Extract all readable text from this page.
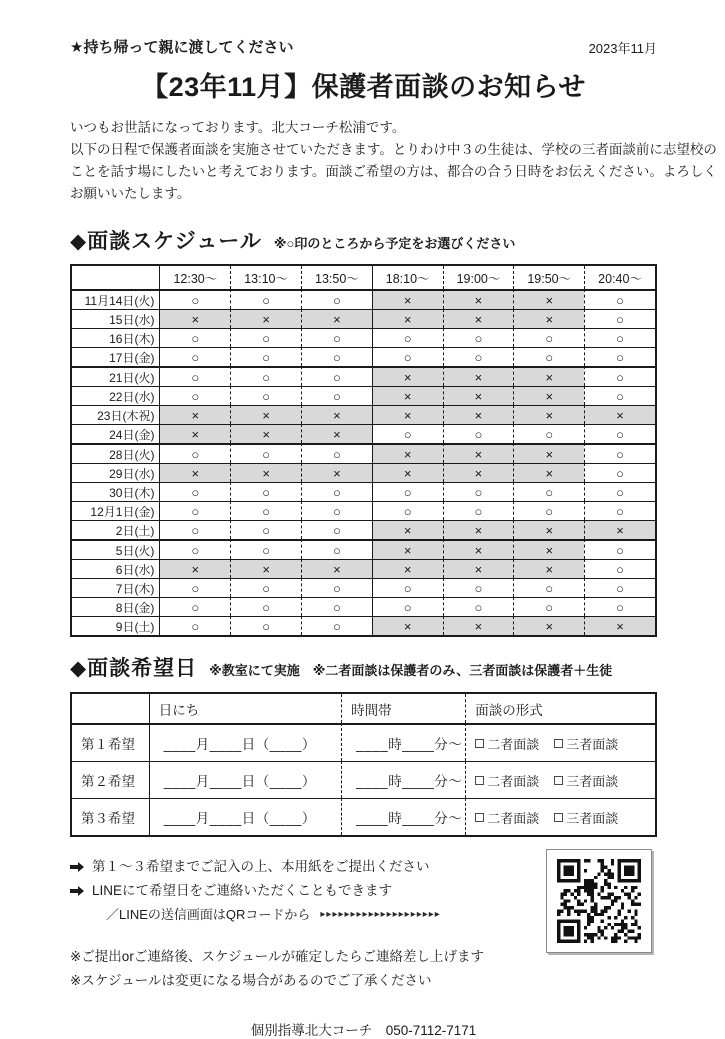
★持ち帰って親に渡してください	2023年11月
【23年11月】保護者面談のお知らせ
いつもお世話になっております。北大コーチ松浦です。
以下の日程で保護者面談を実施させていただきます。とりわけ中３の生徒は、学校の三者面談前に志望校の
ことを話す場にしたいと考えております。面談ご希望の方は、都合の合う日時をお伝えください。よろしく
お願いいたします。
◆面談スケジュール ※○印のところから予定をお選びください
	12:30～	13:10～	13:50～	18:10～	19:00～	19:50～	20:40～
11月14日(火)	○	○	○	×	×	×	○
15日(水)	×	×	×	×	×	×	○
16日(木)	○	○	○	○	○	○	○
17日(金)	○	○	○	○	○	○	○
21日(火)	○	○	○	×	×	×	○
22日(水)	○	○	○	×	×	×	○
23日(木祝)	×	×	×	×	×	×	×
24日(金)	×	×	×	○	○	○	○
28日(火)	○	○	○	×	×	×	○
29日(水)	×	×	×	×	×	×	○
30日(木)	○	○	○	○	○	○	○
12月1日(金)	○	○	○	○	○	○	○
2日(土)	○	○	○	×	×	×	×
5日(火)	○	○	○	×	×	×	○
6日(水)	×	×	×	×	×	×	○
7日(木)	○	○	○	○	○	○	○
8日(金)	○	○	○	○	○	○	○
9日(土)	○	○	○	×	×	×	×
◆面談希望日 ※教室にて実施　※二者面談は保護者のみ、三者面談は保護者＋生徒
	日にち	時間帯	面談の形式
第１希望	____月____日（____）	____時____分～	二者面談 三者面談

第２希望	____月____日（____）	____時____分～	二者面談 三者面談

第３希望	____月____日（____）	____時____分～	二者面談 三者面談
第１～３希望までご記入の上、本用紙をご提出ください
LINEにて希望日をご連絡いただくこともできます
／LINEの送信画面はQRコードから ▸▸▸▸▸▸▸▸▸▸▸▸▸▸▸▸▸▸▸▸
※ご提出orご連絡後、スケジュールが確定したらご連絡差し上げます
※スケジュールは変更になる場合があるのでご了承ください
個別指導北大コーチ　050-7112-7171
